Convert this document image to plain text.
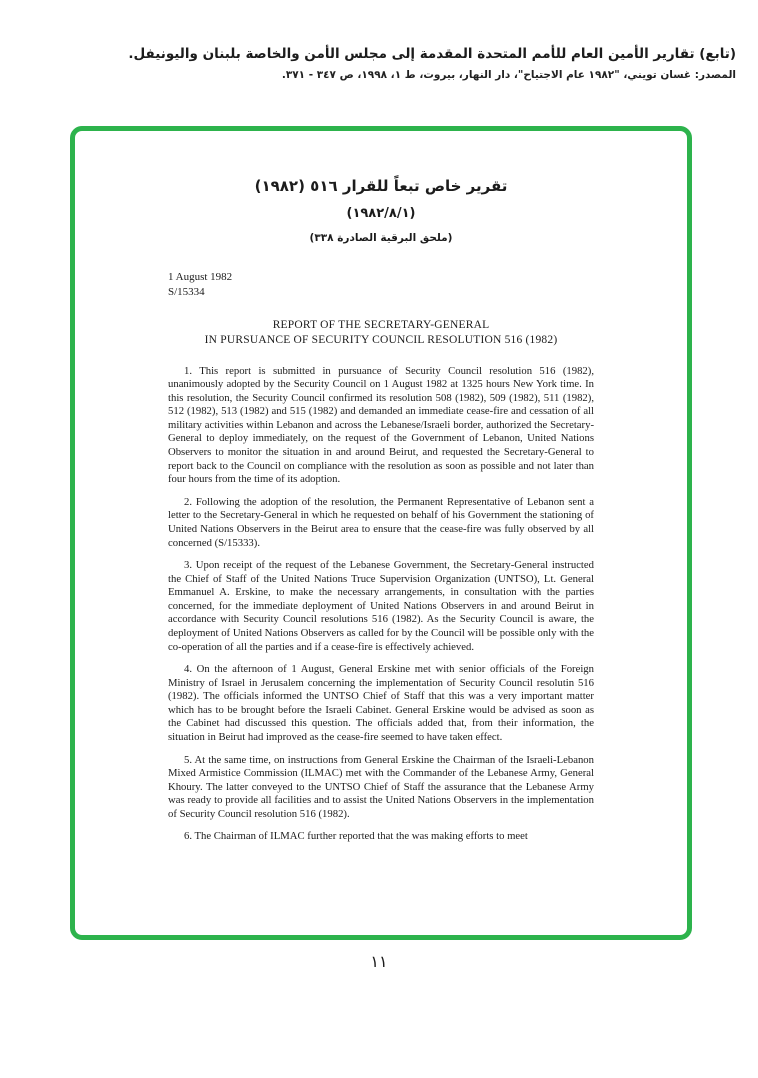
(تابع) تقارير الأمين العام للأمم المتحدة المقدمة إلى مجلس الأمن والخاصة بلبنان واليونيفل.
المصدر: غسان تويني، "١٩٨٢ عام الاجتياح"، دار النهار، بيروت، ط ١، ١٩٩٨، ص ٣٤٧ - ٣٧١.
تقرير خاص تبعاً للقرار ٥١٦ (١٩٨٢)
(١٩٨٢/٨/١)
(ملحق البرقية الصادرة ٣٣٨)
1 August 1982
S/15334
REPORT OF THE SECRETARY-GENERAL
IN PURSUANCE OF SECURITY COUNCIL RESOLUTION 516 (1982)

1. This report is submitted in pursuance of Security Council resolution 516 (1982), unanimously adopted by the Security Council on 1 August 1982 at 1325 hours New York time. In this resolution, the Security Council confirmed its resolution 508 (1982), 509 (1982), 511 (1982), 512 (1982), 513 (1982) and 515 (1982) and demanded an immediate cease-fire and cessation of all military activities within Lebanon and across the Lebanese/Israeli border, authorized the Secretary-General to deploy immediately, on the request of the Government of Lebanon, United Nations Observers to monitor the situation in and around Beirut, and requested the Secretary-General to report back to the Council on compliance with the resolution as soon as possible and not later than four hours from the time of its adoption.

2. Following the adoption of the resolution, the Permanent Representative of Lebanon sent a letter to the Secretary-General in which he requested on behalf of his Government the stationing of United Nations Observers in the Beirut area to ensure that the cease-fire was fully observed by all concerned (S/15333).

3. Upon receipt of the request of the Lebanese Government, the Secretary-General instructed the Chief of Staff of the United Nations Truce Supervision Organization (UNTSO), Lt. General Emmanuel A. Erskine, to make the necessary arrangements, in consultation with the parties concerned, for the immediate deployment of United Nations Observers in and around Beirut in accordance with Security Council resolutions 516 (1982). As the Security Council is aware, the deployment of United Nations Observers as called for by the Council will be possible only with the co-operation of all the parties and if a cease-fire is effectively achieved.

4. On the afternoon of 1 August, General Erskine met with senior officials of the Foreign Ministry of Israel in Jerusalem concerning the implementation of Security Council resolutin 516 (1982). The officials informed the UNTSO Chief of Staff that this was a very important matter which has to be brought before the Israeli Cabinet. General Erskine would be advised as soon as the Cabinet had discussed this question. The officials added that, from their information, the situation in Beirut had improved as the cease-fire seemed to have taken effect.

5. At the same time, on instructions from General Erskine the Chairman of the Israeli-Lebanon Mixed Armistice Commission (ILMAC) met with the Commander of the Lebanese Army, General Khoury. The latter conveyed to the UNTSO Chief of Staff the assurance that the Lebanese Army was ready to provide all facilities and to assist the United Nations Observers in the implementation of Security Council resolution 516 (1982).

6. The Chairman of ILMAC further reported that the was making efforts to meet

١١
